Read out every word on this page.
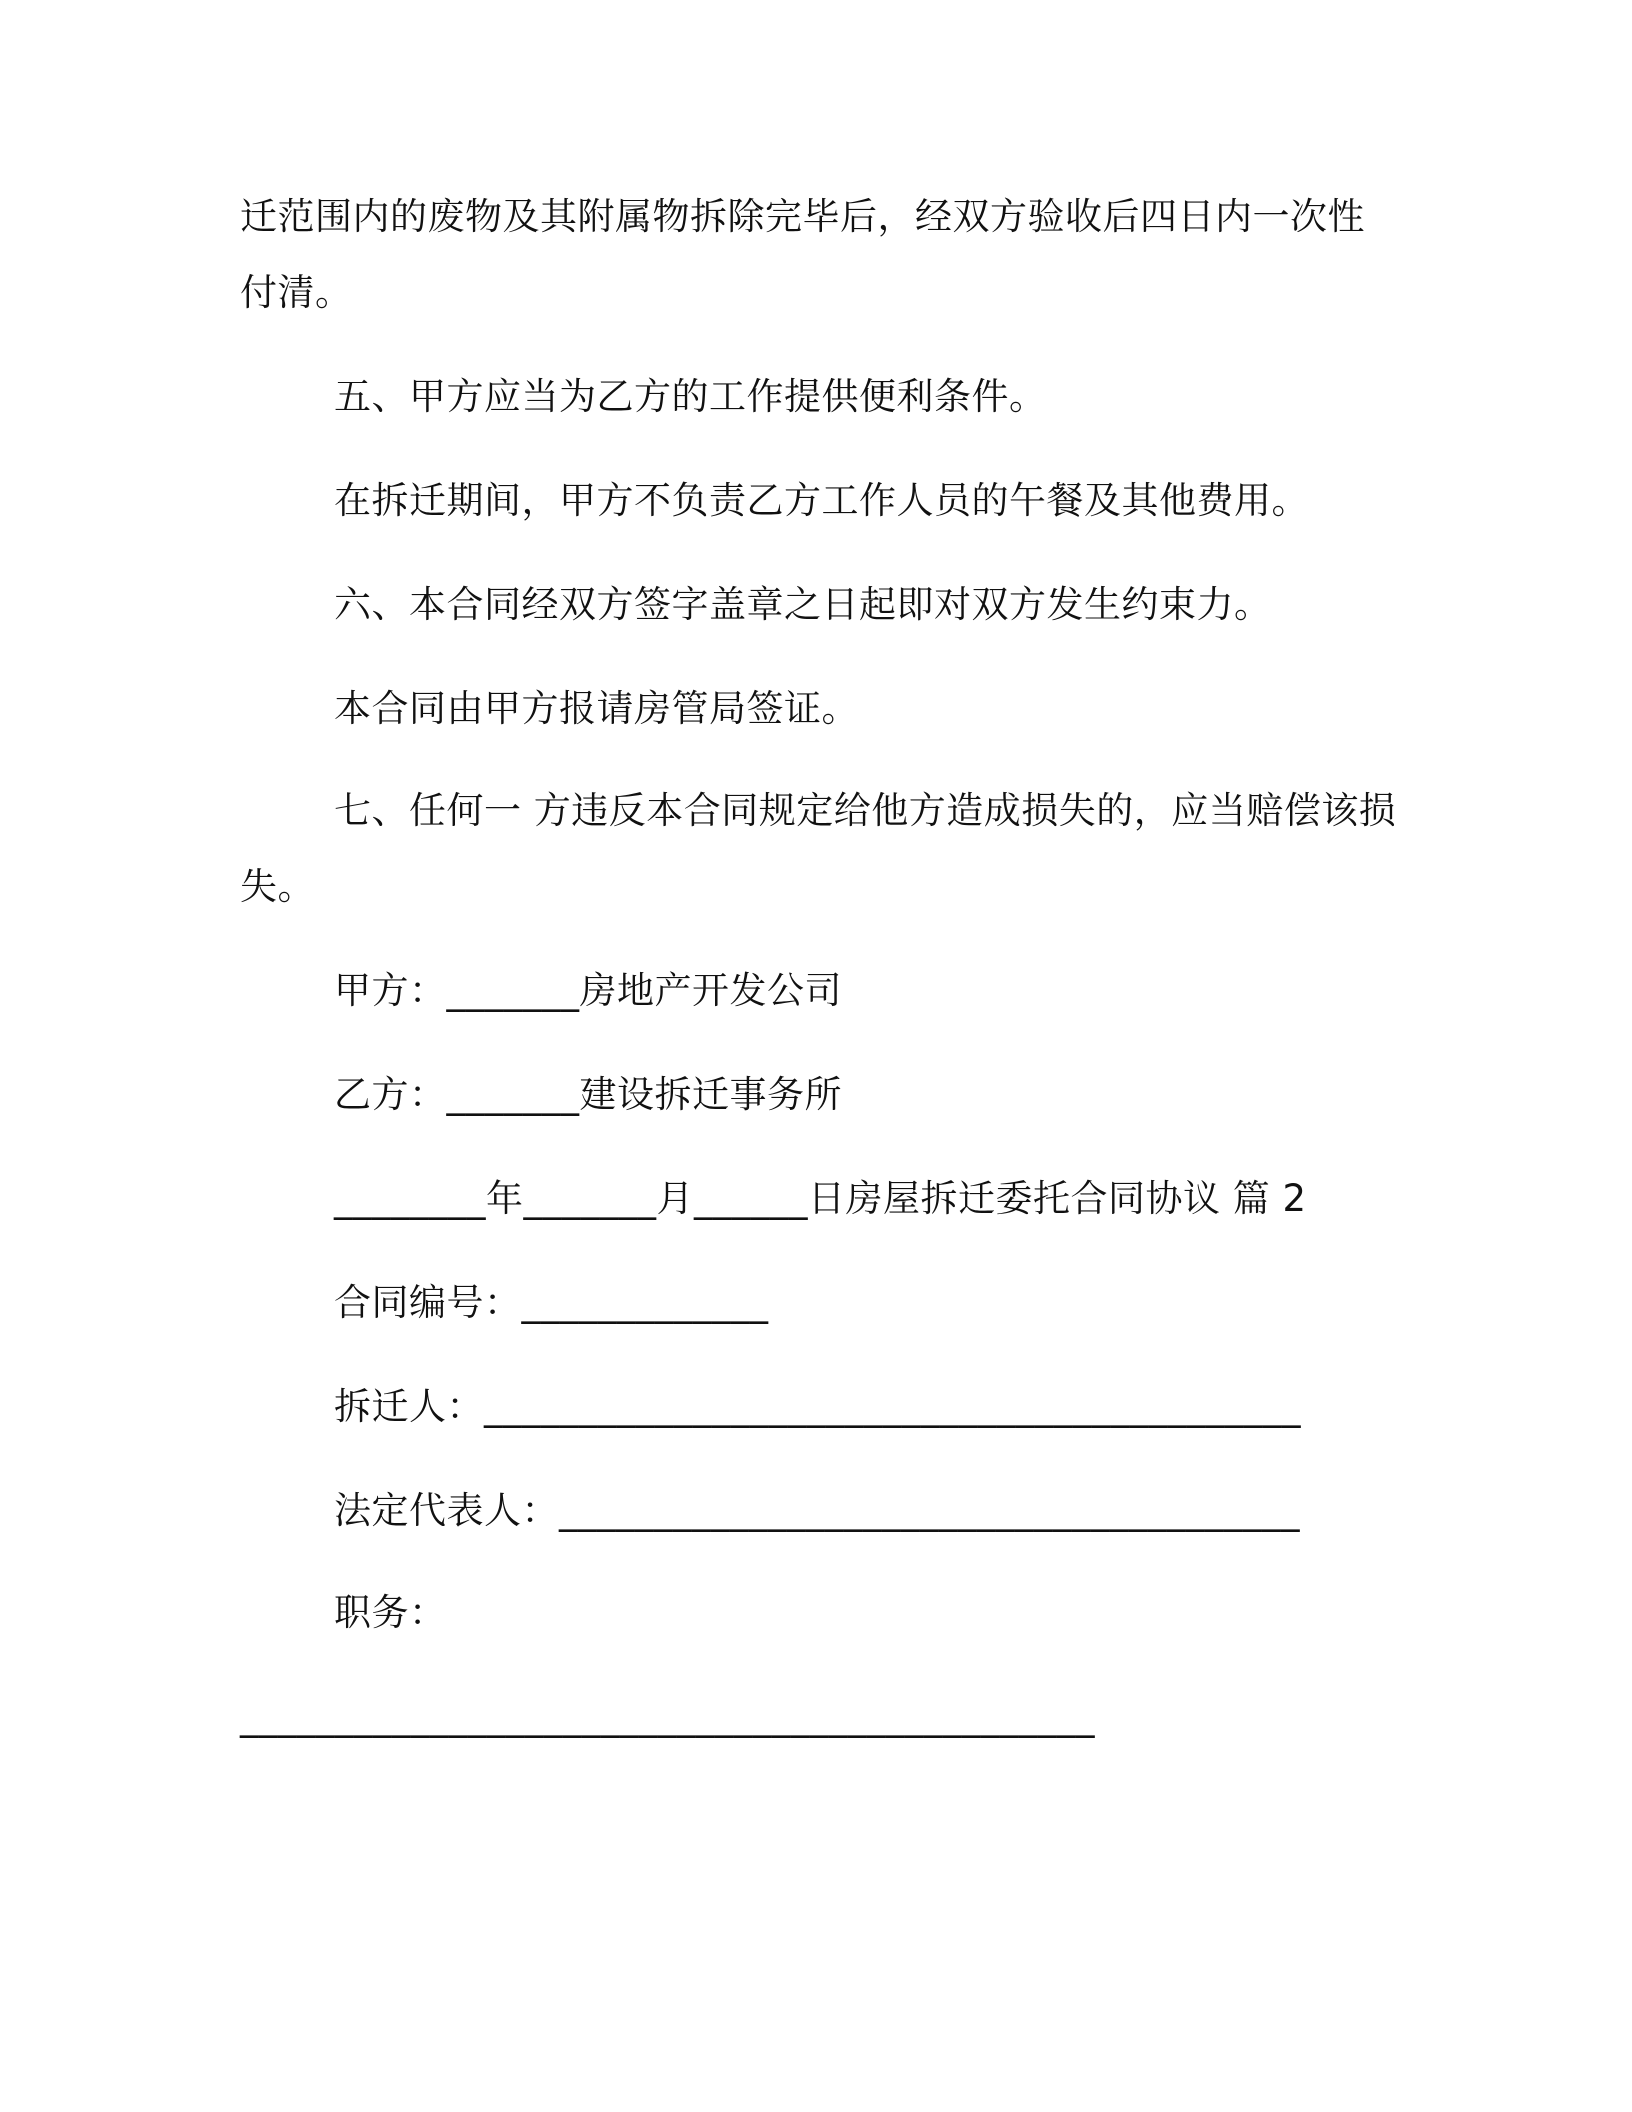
迁范围内的废物及其附属物拆除完毕后，经双方验收后四日内一次性
付清。
五、甲方应当为乙方的工作提供便利条件。
在拆迁期间，甲方不负责乙方工作人员的午餐及其他费用。
六、本合同经双方签字盖章之日起即对双方发生约束力。
本合同由甲方报请房管局签证。
七、任何一 方违反本合同规定给他方造成损失的，应当赔偿该损
失。
甲方：_______房地产开发公司
乙方：_______建设拆迁事务所
________年_______月______日房屋拆迁委托合同协议 篇 2
合同编号：_____________
拆迁人：___________________________________________
法定代表人：_______________________________________
职务：
_____________________________________________
